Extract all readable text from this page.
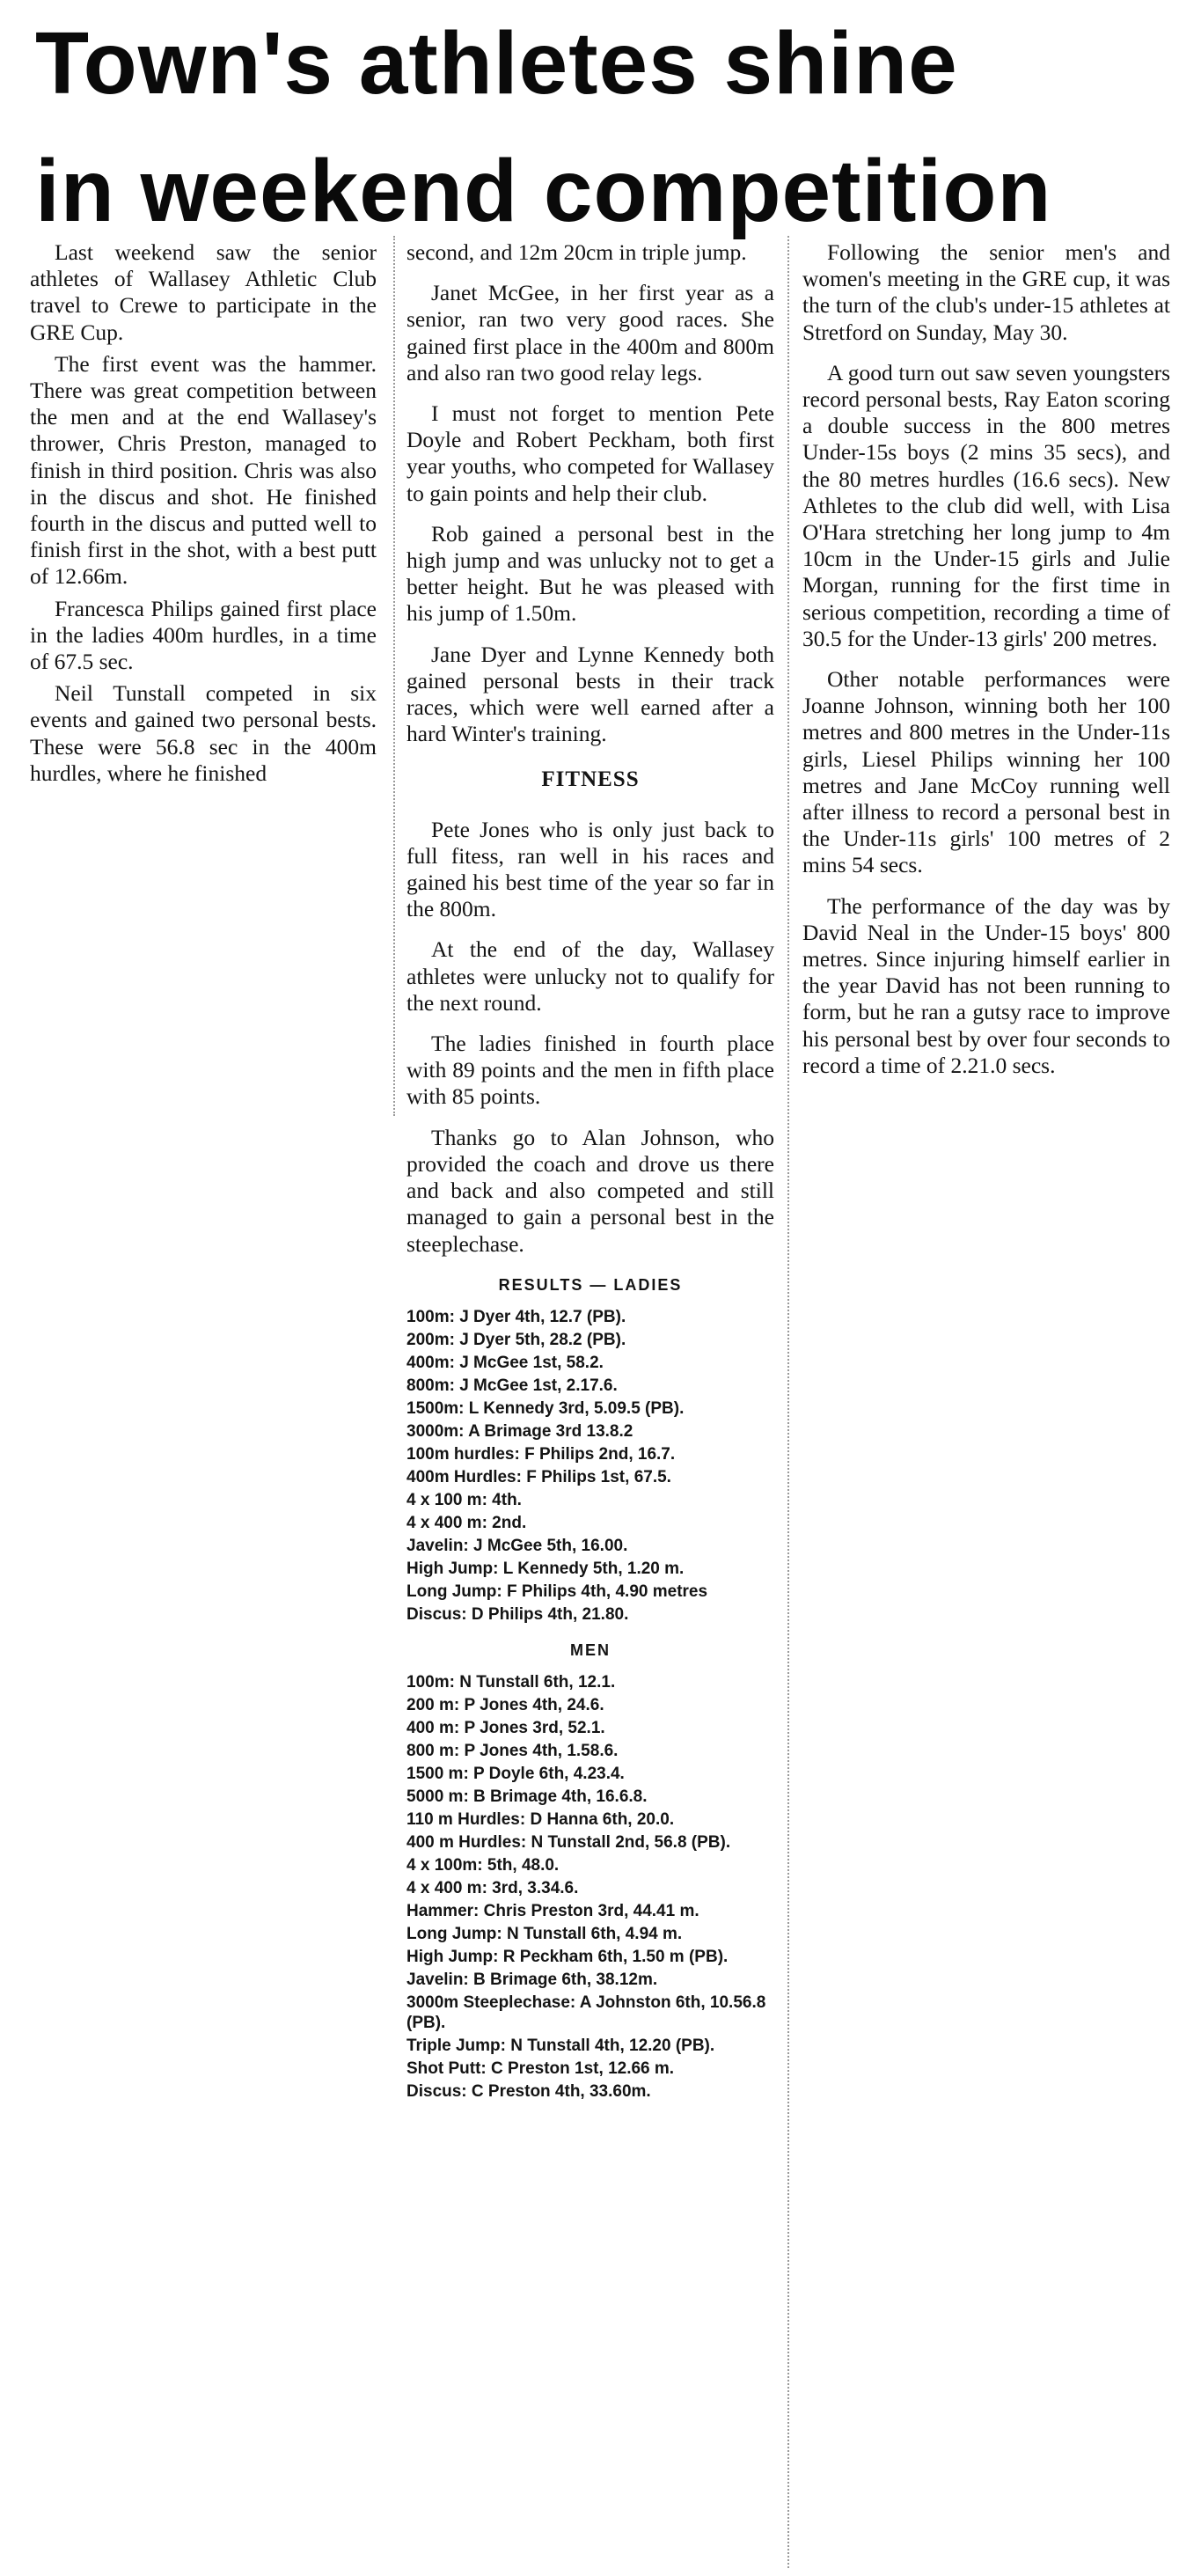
Town's athletes shine
in weekend competition

Last weekend saw the senior athletes of Wallasey Athletic Club travel to Crewe to participate in the GRE Cup.

The first event was the hammer. There was great competition between the men and at the end Wallasey's thrower, Chris Preston, managed to finish in third position. Chris was also in the discus and shot. He finished fourth in the discus and putted well to finish first in the shot, with a best putt of 12.66m.

Francesca Philips gained first place in the ladies 400m hurdles, in a time of 67.5 sec.

Neil Tunstall competed in six events and gained two personal bests. These were 56.8 sec in the 400m hurdles, where he finished

second, and 12m 20cm in triple jump.

Janet McGee, in her first year as a senior, ran two very good races. She gained first place in the 400m and 800m and also ran two good relay legs.

I must not forget to mention Pete Doyle and Robert Peckham, both first year youths, who competed for Wallasey to gain points and help their club.

Rob gained a personal best in the high jump and was unlucky not to get a better height. But he was pleased with his jump of 1.50m.

Jane Dyer and Lynne Kennedy both gained personal bests in their track races, which were well earned after a hard Winter's training.

FITNESS

Pete Jones who is only just back to full fitess, ran well in his races and gained his best time of the year so far in the 800m.

At the end of the day, Wallasey athletes were unlucky not to qualify for the next round.

The ladies finished in fourth place with 89 points and the men in fifth place with 85 points.

Thanks go to Alan Johnson, who provided the coach and drove us there and back and also competed and still managed to gain a personal best in the steeplechase.

RESULTS — LADIES
100m: J Dyer 4th, 12.7 (PB).
200m: J Dyer 5th, 28.2 (PB).
400m: J McGee 1st, 58.2.
800m: J McGee 1st, 2.17.6.
1500m: L Kennedy 3rd, 5.09.5 (PB).
3000m: A Brimage 3rd 13.8.2
100m hurdles: F Philips 2nd, 16.7.
400m Hurdles: F Philips 1st, 67.5.
4 x 100 m: 4th.
4 x 400 m: 2nd.
Javelin: J McGee 5th, 16.00.
High Jump: L Kennedy 5th, 1.20 m.
Long Jump: F Philips 4th, 4.90 metres
Discus: D Philips 4th, 21.80.
MEN
100m: N Tunstall 6th, 12.1.
200 m: P Jones 4th, 24.6.
400 m: P Jones 3rd, 52.1.
800 m: P Jones 4th, 1.58.6.
1500 m: P Doyle 6th, 4.23.4.
5000 m: B Brimage 4th, 16.6.8.
110 m Hurdles: D Hanna 6th, 20.0.
400 m Hurdles: N Tunstall 2nd, 56.8 (PB).
4 x 100m: 5th, 48.0.
4 x 400 m: 3rd, 3.34.6.
Hammer: Chris Preston 3rd, 44.41 m.
Long Jump: N Tunstall 6th, 4.94 m.
High Jump: R Peckham 6th, 1.50 m (PB).
Javelin: B Brimage 6th, 38.12m.
3000m Steeplechase: A Johnston 6th, 10.56.8 (PB).
Triple Jump: N Tunstall 4th, 12.20 (PB).
Shot Putt: C Preston 1st, 12.66 m.
Discus: C Preston 4th, 33.60m.

Following the senior men's and women's meeting in the GRE cup, it was the turn of the club's under-15 athletes at Stretford on Sunday, May 30.

A good turn out saw seven youngsters record personal bests, Ray Eaton scoring a double success in the 800 metres Under-15s boys (2 mins 35 secs), and the 80 metres hurdles (16.6 secs). New Athletes to the club did well, with Lisa O'Hara stretching her long jump to 4m 10cm in the Under-15 girls and Julie Morgan, running for the first time in serious competition, recording a time of 30.5 for the Under-13 girls' 200 metres.

Other notable performances were Joanne Johnson, winning both her 100 metres and 800 metres in the Under-11s girls, Liesel Philips winning her 100 metres and Jane McCoy running well after illness to record a personal best in the Under-11s girls' 100 metres of 2 mins 54 secs.

The performance of the day was by David Neal in the Under-15 boys' 800 metres. Since injuring himself earlier in the year David has not been running to form, but he ran a gutsy race to improve his personal best by over four seconds to record a time of 2.21.0 secs.
